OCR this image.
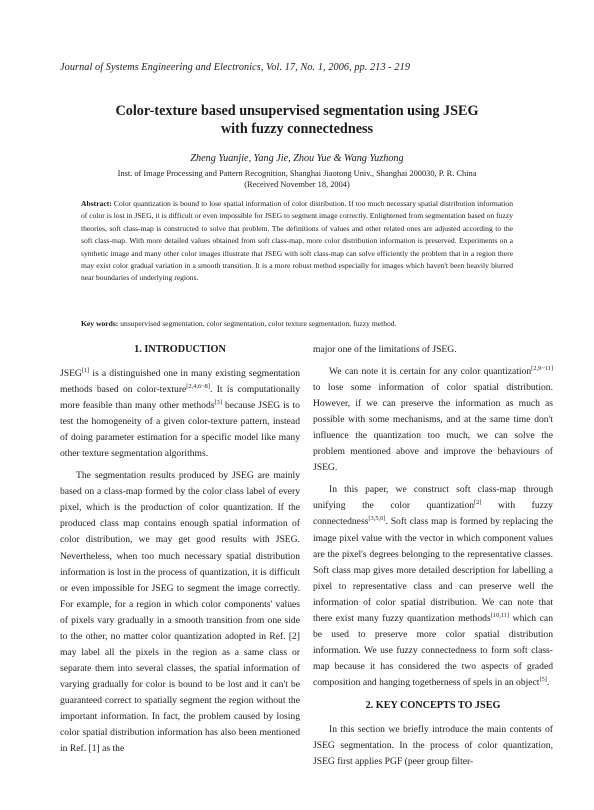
Journal of Systems Engineering and Electronics, Vol. 17, No. 1, 2006, pp. 213 - 219
Color-texture based unsupervised segmentation using JSEG
with fuzzy connectedness
Zheng Yuanjie, Yang Jie, Zhou Yue & Wang Yuzhong
Inst. of Image Processing and Pattern Recognition, Shanghai Jiaotong Univ., Shanghai 200030, P. R. China
(Received November 18, 2004)
Abstract: Color quantization is bound to lose spatial information of color distribution. If too much necessary spatial distribution information of color is lost in JSEG, it is difficult or even impossible for JSEG to segment image correctly. Enlightened from segmentation based on fuzzy theories, soft class-map is constructed to solve that problem. The definitions of values and other related ones are adjusted according to the soft class-map. With more detailed values obtained from soft class-map, more color distribution information is preserved. Experiments on a synthetic image and many other color images illustrate that JSEG with soft class-map can solve efficiently the problem that in a region there may exist color gradual variation in a smooth transition. It is a more robust method especially for images which haven't been heavily blurred near boundaries of underlying regions.
Key words: unsupervised segmentation, color segmentation, color texture segmentation, fuzzy method.
1. INTRODUCTION

JSEG[1] is a distinguished one in many existing segmentation methods based on color-texture[2,4,6~8]. It is computationally more feasible than many other methods[3] because JSEG is to test the homogeneity of a given color-texture pattern, instead of doing parameter estimation for a specific model like many other texture segmentation algorithms.

The segmentation results produced by JSEG are mainly based on a class-map formed by the color class label of every pixel, which is the production of color quantization. If the produced class map contains enough spatial information of color distribution, we may get good results with JSEG. Nevertheless, when too much necessary spatial distribution information is lost in the process of quantization, it is difficult or even impossible for JSEG to segment the image correctly. For example, for a region in which color components' values of pixels vary gradually in a smooth transition from one side to the other, no matter color quantization adopted in Ref. [2] may label all the pixels in the region as a same class or separate them into several classes, the spatial information of varying gradually for color is bound to be lost and it can't be guaranteed correct to spatially segment the region without the important information. In fact, the problem caused by losing color spatial distribution information has also been mentioned in Ref. [1] as the

major one of the limitations of JSEG.

We can note it is certain for any color quantization[2,9~11] to lose some information of color spatial distribution. However, if we can preserve the information as much as possible with some mechanisms, and at the same time don't influence the quantization too much, we can solve the problem mentioned above and improve the behaviours of JSEG.

In this paper, we construct soft class-map through unifying the color quantization[2] with fuzzy connectedness[3,5,6]. Soft class map is formed by replacing the image pixel value with the vector in which component values are the pixel's degrees belonging to the representative classes. Soft class map gives more detailed description for labelling a pixel to representative class and can preserve well the information of color spatial distribution. We can note that there exist many fuzzy quantization methods[10,11] which can be used to preserve more color spatial distribution information. We use fuzzy connectedness to form soft class-map because it has considered the two aspects of graded composition and hanging togetherness of spels in an object[5].

2. KEY CONCEPTS TO JSEG

In this section we briefly introduce the main contents of JSEG segmentation. In the process of color quantization, JSEG first applies PGF (peer group filter-
